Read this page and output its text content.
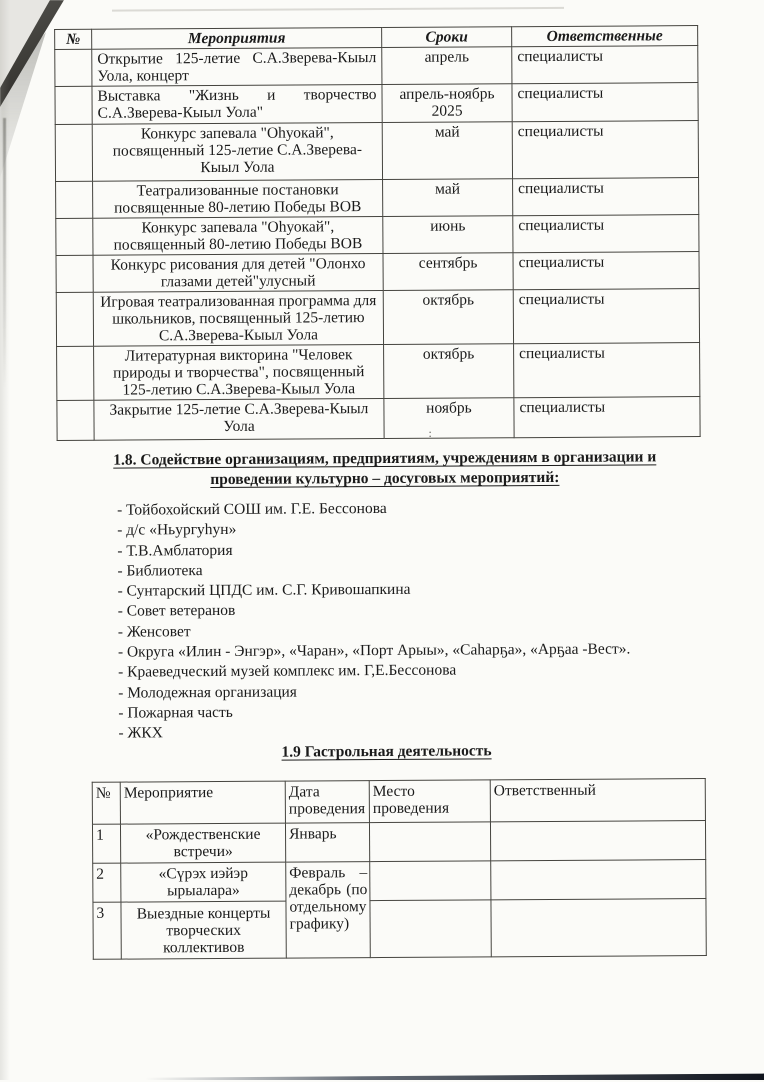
№	Мероприятия	Сроки	Ответственные
	Открытие 125-летие С.А.Зверева-Кыыл Уола, концерт	апрель	специалисты
	Выставка "Жизнь и творчество С.А.Зверева-Кыыл Уола"	апрель-ноябрь 2025	специалисты
	Конкурс запевала "Оhуокай", посвященный 125-летие С.А.Зверева-Кыыл Уола	май	специалисты
	Театрализованные постановки посвященные 80-летию Победы ВОВ	май	специалисты
	Конкурс запевала "Оhуокай", посвященный 80-летию Победы ВОВ	июнь	специалисты
	Конкурс рисования для детей "Олонхо глазами детей"улусный	сентябрь	специалисты
	Игровая театрализованная программа для школьников, посвященный 125-летию С.А.Зверева-Кыыл Уола	октябрь	специалисты
	Литературная викторина "Человек природы и творчества", посвященный 125-летию С.А.Зверева-Кыыл Уола	октябрь	специалисты
	Закрытие 125-летие С.А.Зверева-Кыыл Уола	ноябрь	специалисты
:
1.8. Содействие организациям, предприятиям, учреждениям в организации и
проведении культурно – досуговых мероприятий:
- Тойбохойский СОШ им. Г.Е. Бессонова
- д/с «Ньургуhун»
- Т.В.Амблатория
- Библиотека
- Сунтарский ЦПДС им. С.Г. Кривошапкина
- Совет ветеранов
- Женсовет
- Округа «Илин - Энгэр», «Чаран», «Порт Арыы», «Саhарҕа», «Арҕаа -Вест».
- Краеведческий музей комплекс им. Г,Е.Бессонова
- Молодежная организация
- Пожарная часть
- ЖКХ
1.9 Гастрольная деятельность
№	Мероприятие	Дата проведения	Место проведения	Ответственный
1	«Рождественские встречи»	Январь		
2	«Сүрэх иэйэр ырыалара»	Февраль – декабрь (по отдельному графику)		
3	Выездные концерты творческих коллективов			
